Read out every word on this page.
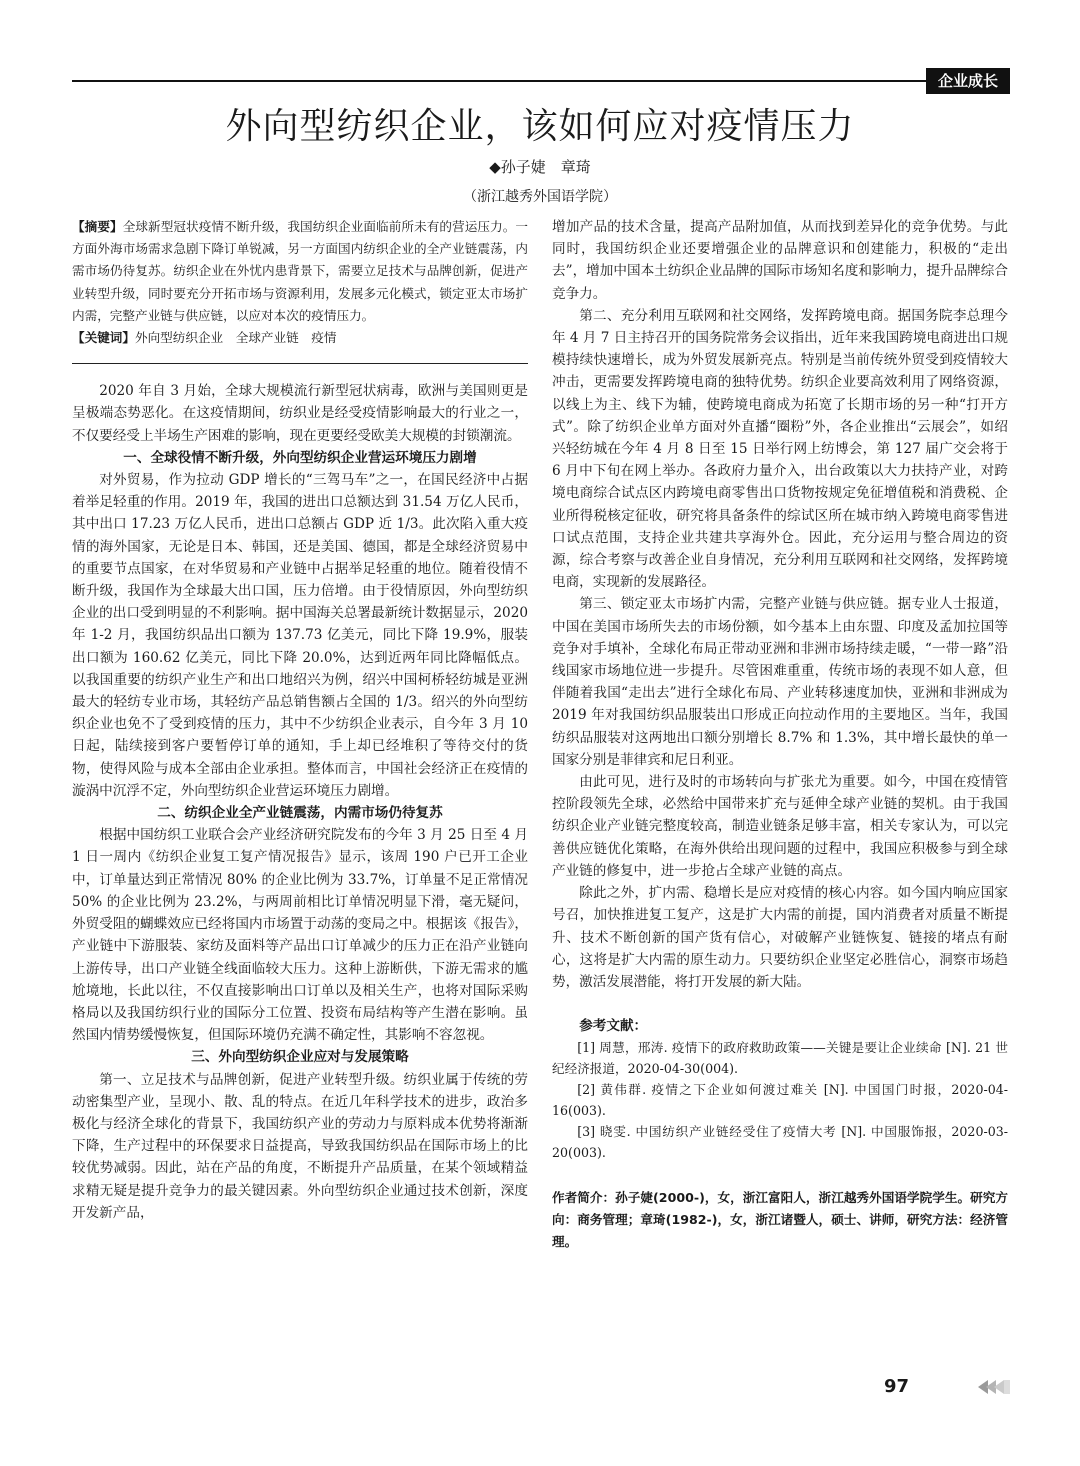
企业成长
外向型纺织企业，该如何应对疫情压力
◆孙子婕　章琦
（浙江越秀外国语学院）

【摘要】全球新型冠状疫情不断升级，我国纺织企业面临前所未有的营运压力。一方面外海市场需求急剧下降订单锐减，另一方面国内纺织企业的全产业链震荡，内需市场仍待复苏。纺织企业在外忧内患背景下，需要立足技术与品牌创新，促进产业转型升级，同时要充分开拓市场与资源利用，发展多元化模式，锁定亚太市场扩内需，完整产业链与供应链，以应对本次的疫情压力。

【关键词】外向型纺织企业　全球产业链　疫情

2020 年自 3 月始，全球大规模流行新型冠状病毒，欧洲与美国则更是呈极端态势恶化。在这疫情期间，纺织业是经受疫情影响最大的行业之一，不仅要经受上半场生产困难的影响，现在更要经受欧美大规模的封锁潮流。

一、全球役情不断升级，外向型纺织企业营运环境压力剧增

对外贸易，作为拉动 GDP 增长的“三驾马车”之一，在国民经济中占据着举足轻重的作用。2019 年，我国的进出口总额达到 31.54 万亿人民币，其中出口 17.23 万亿人民币，进出口总额占 GDP 近 1/3。此次陷入重大疫情的海外国家，无论是日本、韩国，还是美国、德国，都是全球经济贸易中的重要节点国家，在对华贸易和产业链中占据举足轻重的地位。随着役情不断升级，我国作为全球最大出口国，压力倍增。由于役情原因，外向型纺织企业的出口受到明显的不利影响。据中国海关总署最新统计数据显示，2020 年 1-2 月，我国纺织品出口额为 137.73 亿美元，同比下降 19.9%，服装出口额为 160.62 亿美元，同比下降 20.0%，达到近两年同比降幅低点。以我国重要的纺织产业生产和出口地绍兴为例，绍兴中国柯桥轻纺城是亚洲最大的轻纺专业市场，其轻纺产品总销售额占全国的 1/3。绍兴的外向型纺织企业也免不了受到疫情的压力，其中不少纺织企业表示，自今年 3 月 10 日起，陆续接到客户要暂停订单的通知，手上却已经堆积了等待交付的货物，使得风险与成本全部由企业承担。整体而言，中国社会经济正在疫情的漩涡中沉浮不定，外向型纺织企业营运环境压力剧增。

二、纺织企业全产业链震荡，内需市场仍待复苏

根据中国纺织工业联合会产业经济研究院发布的今年 3 月 25 日至 4 月 1 日一周内《纺织企业复工复产情况报告》显示，该周 190 户已开工企业中，订单量达到正常情况 80% 的企业比例为 33.7%，订单量不足正常情况 50% 的企业比例为 23.2%，与两周前相比订单情况明显下滑，毫无疑问，外贸受阻的蝴蝶效应已经将国内市场置于动荡的变局之中。根据该《报告》，产业链中下游服装、家纺及面料等产品出口订单减少的压力正在沿产业链向上游传导，出口产业链全线面临较大压力。这种上游断供，下游无需求的尴尬境地，长此以往，不仅直接影响出口订单以及相关生产，也将对国际采购格局以及我国纺织行业的国际分工位置、投资布局结构等产生潜在影响。虽然国内情势缓慢恢复，但国际环境仍充满不确定性，其影响不容忽视。

三、外向型纺织企业应对与发展策略

第一、立足技术与品牌创新，促进产业转型升级。纺织业属于传统的劳动密集型产业，呈现小、散、乱的特点。在近几年科学技术的进步，政治多极化与经济全球化的背景下，我国纺织产业的劳动力与原料成本优势将渐渐下降，生产过程中的环保要求日益提高，导致我国纺织品在国际市场上的比较优势减弱。因此，站在产品的角度，不断提升产品质量，在某个领域精益求精无疑是提升竞争力的最关键因素。外向型纺织企业通过技术创新，深度开发新产品，

增加产品的技术含量，提高产品附加值，从而找到差异化的竞争优势。与此同时，我国纺织企业还要增强企业的品牌意识和创建能力，积极的“走出去”，增加中国本土纺织企业品牌的国际市场知名度和影响力，提升品牌综合竞争力。

第二、充分利用互联网和社交网络，发挥跨境电商。据国务院李总理今年 4 月 7 日主持召开的国务院常务会议指出，近年来我国跨境电商进出口规模持续快速增长，成为外贸发展新亮点。特别是当前传统外贸受到疫情较大冲击，更需要发挥跨境电商的独特优势。纺织企业要高效利用了网络资源，以线上为主、线下为辅，使跨境电商成为拓宽了长期市场的另一种“打开方式”。除了纺织企业单方面对外直播“圈粉”外，各企业推出“云展会”，如绍兴轻纺城在今年 4 月 8 日至 15 日举行网上纺博会，第 127 届广交会将于 6 月中下旬在网上举办。各政府力量介入，出台政策以大力扶持产业，对跨境电商综合试点区内跨境电商零售出口货物按规定免征增值税和消费税、企业所得税核定征收，研究将具备条件的综试区所在城市纳入跨境电商零售进口试点范围，支持企业共建共享海外仓。因此，充分运用与整合周边的资源，综合考察与改善企业自身情况，充分利用互联网和社交网络，发挥跨境电商，实现新的发展路径。

第三、锁定亚太市场扩内需，完整产业链与供应链。据专业人士报道，中国在美国市场所失去的市场份额，如今基本上由东盟、印度及孟加拉国等竞争对手填补，全球化布局正带动亚洲和非洲市场持续走暖，“一带一路”沿线国家市场地位进一步提升。尽管困难重重，传统市场的表现不如人意，但伴随着我国“走出去”进行全球化布局、产业转移速度加快，亚洲和非洲成为 2019 年对我国纺织品服装出口形成正向拉动作用的主要地区。当年，我国纺织品服装对这两地出口额分别增长 8.7% 和 1.3%，其中增长最快的单一国家分别是菲律宾和尼日利亚。

由此可见，进行及时的市场转向与扩张尤为重要。如今，中国在疫情管控阶段领先全球，必然给中国带来扩充与延伸全球产业链的契机。由于我国纺织企业产业链完整度较高，制造业链条足够丰富，相关专家认为，可以完善供应链优化策略，在海外供给出现问题的过程中，我国应积极参与到全球产业链的修复中，进一步抢占全球产业链的高点。

除此之外，扩内需、稳增长是应对疫情的核心内容。如今国内响应国家号召，加快推进复工复产，这是扩大内需的前提，国内消费者对质量不断提升、技术不断创新的国产货有信心，对破解产业链恢复、链接的堵点有耐心，这将是扩大内需的原生动力。只要纺织企业坚定必胜信心，洞察市场趋势，激活发展潜能，将打开发展的新大陆。

参考文献：

[1] 周慧，邢涛. 疫情下的政府救助政策——关键是要让企业续命 [N]. 21 世纪经济报道，2020-04-30(004).

[2] 黄伟群. 疫情之下企业如何渡过难关 [N]. 中国国门时报，2020-04-16(003).

[3] 晓雯. 中国纺织产业链经受住了疫情大考 [N]. 中国服饰报，2020-03-20(003).

作者简介：孙子婕(2000-)，女，浙江富阳人，浙江越秀外国语学院学生。研究方向：商务管理；章琦(1982-)，女，浙江诸暨人，硕士、讲师，研究方法：经济管理。

97
